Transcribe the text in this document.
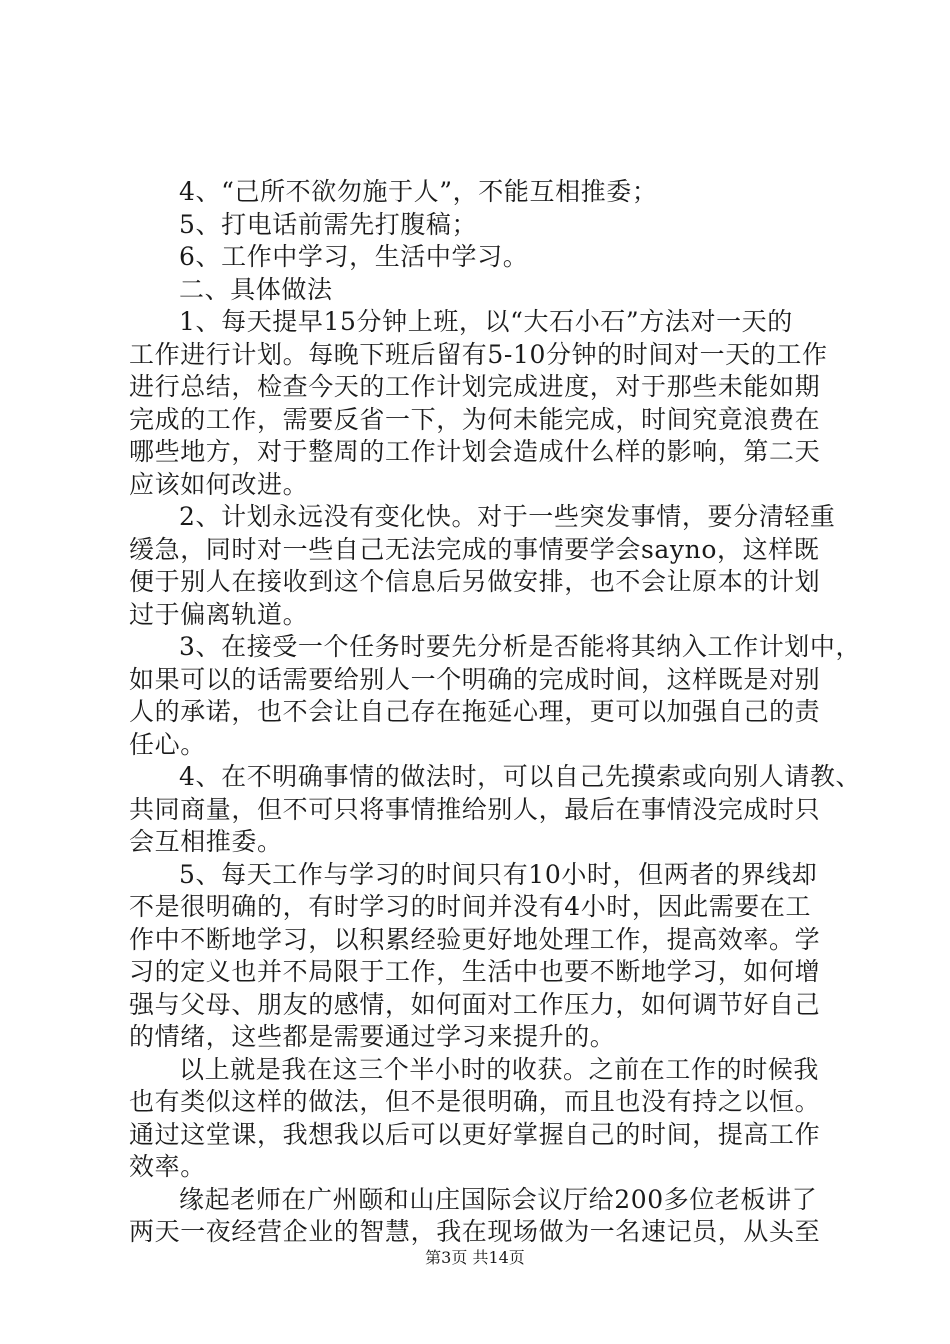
4、“己所不欲勿施于人”，不能互相推委；
5、打电话前需先打腹稿；
6、工作中学习，生活中学习。
二、具体做法
1、每天提早15分钟上班，以“大石小石”方法对一天的
工作进行计划。每晚下班后留有5-10分钟的时间对一天的工作
进行总结，检查今天的工作计划完成进度，对于那些未能如期
完成的工作，需要反省一下，为何未能完成，时间究竟浪费在
哪些地方，对于整周的工作计划会造成什么样的影响，第二天
应该如何改进。
2、计划永远没有变化快。对于一些突发事情，要分清轻重
缓急，同时对一些自己无法完成的事情要学会sayno，这样既
便于别人在接收到这个信息后另做安排，也不会让原本的计划
过于偏离轨道。
3、在接受一个任务时要先分析是否能将其纳入工作计划中，
如果可以的话需要给别人一个明确的完成时间，这样既是对别
人的承诺，也不会让自己存在拖延心理，更可以加强自己的责
任心。
4、在不明确事情的做法时，可以自己先摸索或向别人请教、
共同商量，但不可只将事情推给别人，最后在事情没完成时只
会互相推委。
5、每天工作与学习的时间只有10小时，但两者的界线却
不是很明确的，有时学习的时间并没有4小时，因此需要在工
作中不断地学习，以积累经验更好地处理工作，提高效率。学
习的定义也并不局限于工作，生活中也要不断地学习，如何增
强与父母、朋友的感情，如何面对工作压力，如何调节好自己
的情绪，这些都是需要通过学习来提升的。
以上就是我在这三个半小时的收获。之前在工作的时候我
也有类似这样的做法，但不是很明确，而且也没有持之以恒。
通过这堂课，我想我以后可以更好掌握自己的时间，提高工作
效率。
缘起老师在广州颐和山庄国际会议厅给200多位老板讲了
两天一夜经营企业的智慧，我在现场做为一名速记员，从头至
第3页 共14页
